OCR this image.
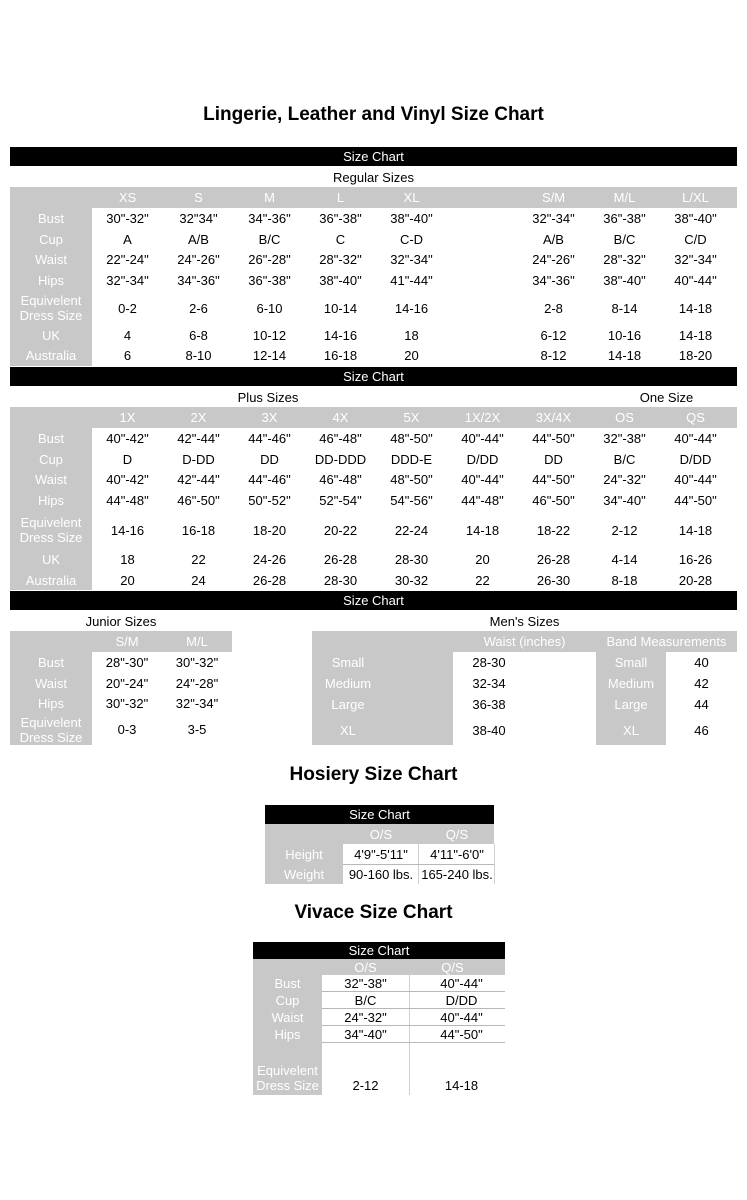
Lingerie, Leather and Vinyl Size Chart
Size Chart
Regular Sizes
XS	S	M	L	XL	S/M	M/L	L/XL
Bust	30"-32"	32"34"	34"-36"	36"-38"	38"-40"	32"-34"	36"-38"	38"-40"
Cup	A	A/B	B/C	C	C-D	A/B	B/C	C/D
Waist	22"-24"	24"-26"	26"-28"	28"-32"	32"-34"	24"-26"	28"-32"	32"-34"
Hips	32"-34"	34"-36"	36"-38"	38"-40"	41"-44"	34"-36"	38"-40"	40"-44"
Equivelent Dress Size	0-2	2-6	6-10	10-14	14-16	2-8	8-14	14-18
UK	4	6-8	10-12	14-16	18	6-12	10-16	14-18
Australia	6	8-10	12-14	16-18	20	8-12	14-18	18-20
Size Chart
Plus Sizes	One Size
1X	2X	3X	4X	5X	1X/2X	3X/4X	OS	QS
Bust	40"-42"	42"-44"	44"-46"	46"-48"	48"-50"	40"-44"	44"-50"	32"-38"	40"-44"
Cup	D	D-DD	DD	DD-DDD	DDD-E	D/DD	DD	B/C	D/DD
Waist	40"-42"	42"-44"	44"-46"	46"-48"	48"-50"	40"-44"	44"-50"	24"-32"	40"-44"
Hips	44"-48"	46"-50"	50"-52"	52"-54"	54"-56"	44"-48"	46"-50"	34"-40"	44"-50"
Equivelent Dress Size	14-16	16-18	18-20	20-22	22-24	14-18	18-22	2-12	14-18
UK	18	22	24-26	26-28	28-30	20	26-28	4-14	16-26
Australia	20	24	26-28	28-30	30-32	22	26-30	8-18	20-28
Size Chart
Junior Sizes
S/M	M/L
Bust	28"-30"	30"-32"
Waist	20"-24"	24"-28"
Hips	30"-32"	32"-34"
Equivelent Dress Size	0-3	3-5
Men's Sizes
Waist (inches)	Band Measurements
Small	28-30	Small	40
Medium	32-34	Medium	42
Large	36-38	Large	44
XL	38-40	XL	46
Hosiery Size Chart
Size Chart
O/S	Q/S
Height	4'9"-5'11"	4'11"-6'0"
Weight	90-160 lbs. 165-240 lbs.
Vivace Size Chart
Size Chart
O/S	Q/S
Bust	32"-38"	40"-44"
Cup	B/C	D/DD
Waist	24"-32"	40"-44"
Hips	34"-40"	44"-50"
Equivelent Dress Size	2-12	14-18
